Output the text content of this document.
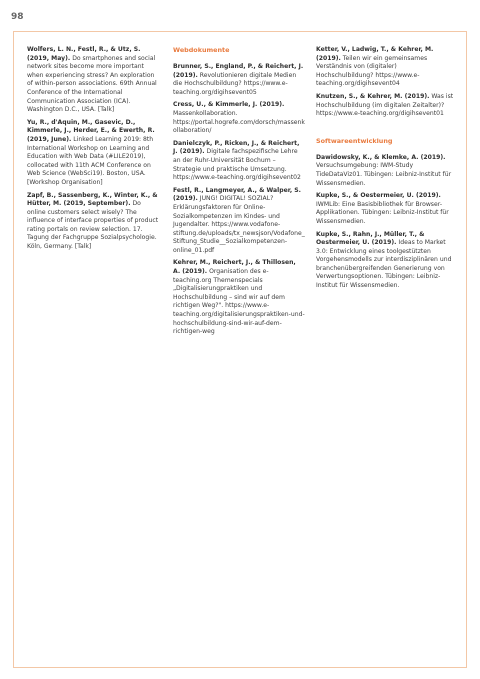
98

Wolfers, L. N., Festl, R., & Utz, S. (2019, May). Do smartphones and social network sites become more important when experiencing stress? An exploration of within-person associations. 69th Annual Conference of the International Communication Association (ICA). Washington D.C., USA. [Talk]

Yu, R., d'Aquin, M., Gasevic, D., Kimmerle, J., Herder, E., & Ewerth, R. (2019, June). Linked Learning 2019: 8th International Workshop on Learning and Education with Web Data (#LILE2019), collocated with 11th ACM Conference on Web Science (WebSci19). Boston, USA. [Workshop Organisation]

Zapf, B., Sassenberg, K., Winter, K., & Hütter, M. (2019, September). Do online customers select wisely? The influence of interface properties of product rating portals on review selection. 17. Tagung der Fachgruppe Sozialpsychologie. Köln, Germany. [Talk]

Webdokumente

Brunner, S., England, P., & Reichert, J. (2019). Revolutionieren digitale Medien die Hochschulbildung? https://www.e-teaching.org/digihsevent05

Cress, U., & Kimmerle, J. (2019). Massenkollaboration. https://portal.hogrefe.com/dorsch/massenkollaboration/

Danielczyk, P., Ricken, J., & Reichert, J. (2019). Digitale fachspezifische Lehre an der Ruhr-Universität Bochum – Strategie und praktische Umsetzung. https://www.e-teaching.org/digihsevent02

Festl, R., Langmeyer, A., & Walper, S. (2019). JUNG! DIGITAL! SOZIAL? Erklärungsfaktoren für Online-Sozialkompetenzen im Kindes- und Jugendalter. https://www.vodafone-stiftung.de/uploads/tx_newsjson/Vodafone_Stiftung_Studie__Sozialkompetenzen-online_01.pdf

Kehrer, M., Reichert, J., & Thillosen, A. (2019). Organisation des e-teaching.org Themenspecials „Digitalisierungpraktiken und Hochschulbildung – sind wir auf dem richtigen Weg?". https://www.e-teaching.org/digitalisierungspraktiken-und-hochschulbildung-sind-wir-auf-dem-richtigen-weg

Ketter, V., Ladwig, T., & Kehrer, M. (2019). Teilen wir ein gemeinsames Verständnis von (digitaler) Hochschulbildung? https://www.e-teaching.org/digihsevent04

Knutzen, S., & Kehrer, M. (2019). Was ist Hochschulbildung (im digitalen Zeitalter)? https://www.e-teaching.org/digihsevent01

Softwareentwicklung

Dawidowsky, K., & Klemke, A. (2019). Versuchsumgebung: IWM-Study TideDataViz01. Tübingen: Leibniz-Institut für Wissensmedien.

Kupke, S., & Oestermeier, U. (2019). IWMLib: Eine Basisbibliothek für Browser-Applikationen. Tübingen: Leibniz-Institut für Wissensmedien.

Kupke, S., Rahn, J., Müller, T., & Oestermeier, U. (2019). Ideas to Market 3.0: Entwicklung eines toolgestützten Vorgehensmodells zur interdisziplinären und branchenübergreifenden Generierung von Verwertungsoptionen. Tübingen: Leibniz-Institut für Wissensmedien.
